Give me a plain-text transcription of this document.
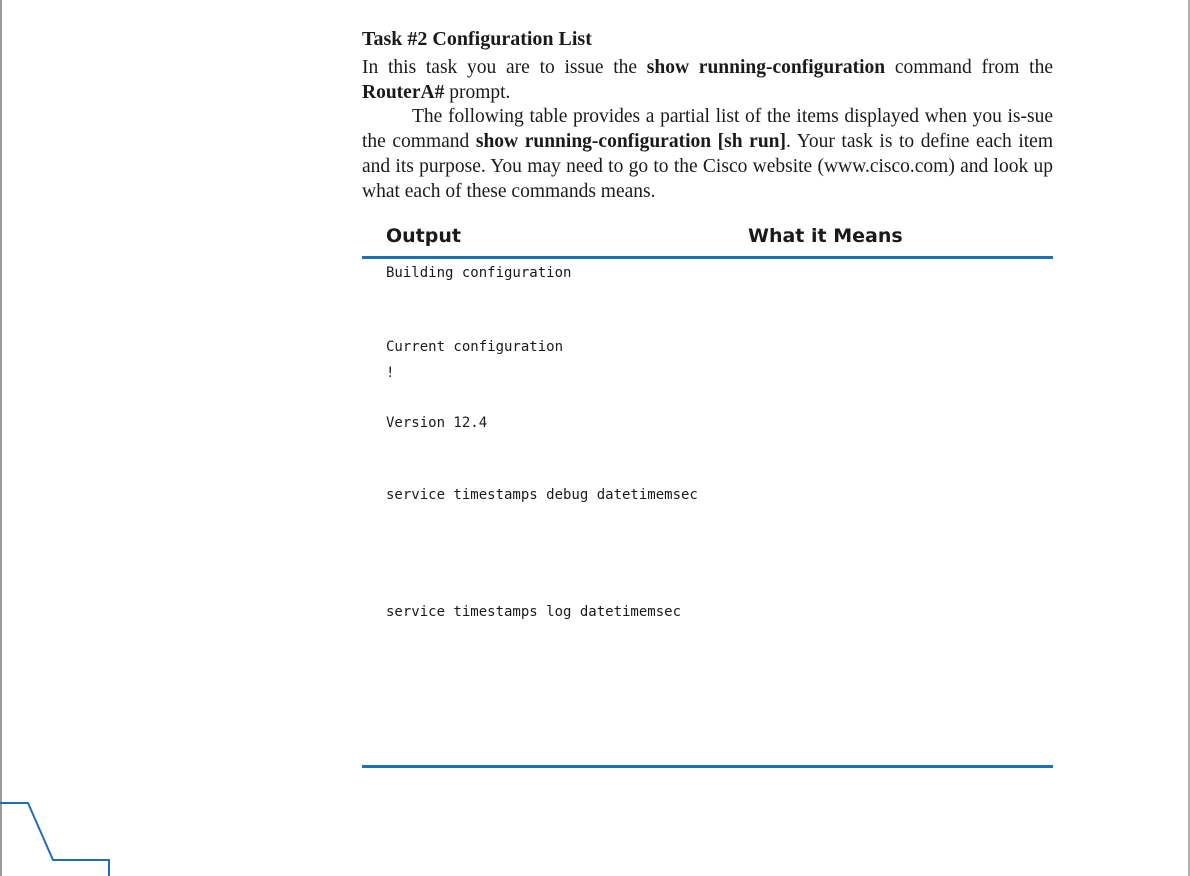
Task #2 Configuration List

In this task you are to issue the show running-configuration command from the RouterA# prompt.

The following table provides a partial list of the items displayed when you is-sue the command show running-configuration [sh run]. Your task is to define each item and its purpose. You may need to go to the Cisco website (www.cisco.com) and look up what each of these commands means.

Output	What it Means
Building configuration
Current configuration
!
Version 12.4
service timestamps debug datetimemsec
service timestamps log datetimemsec
